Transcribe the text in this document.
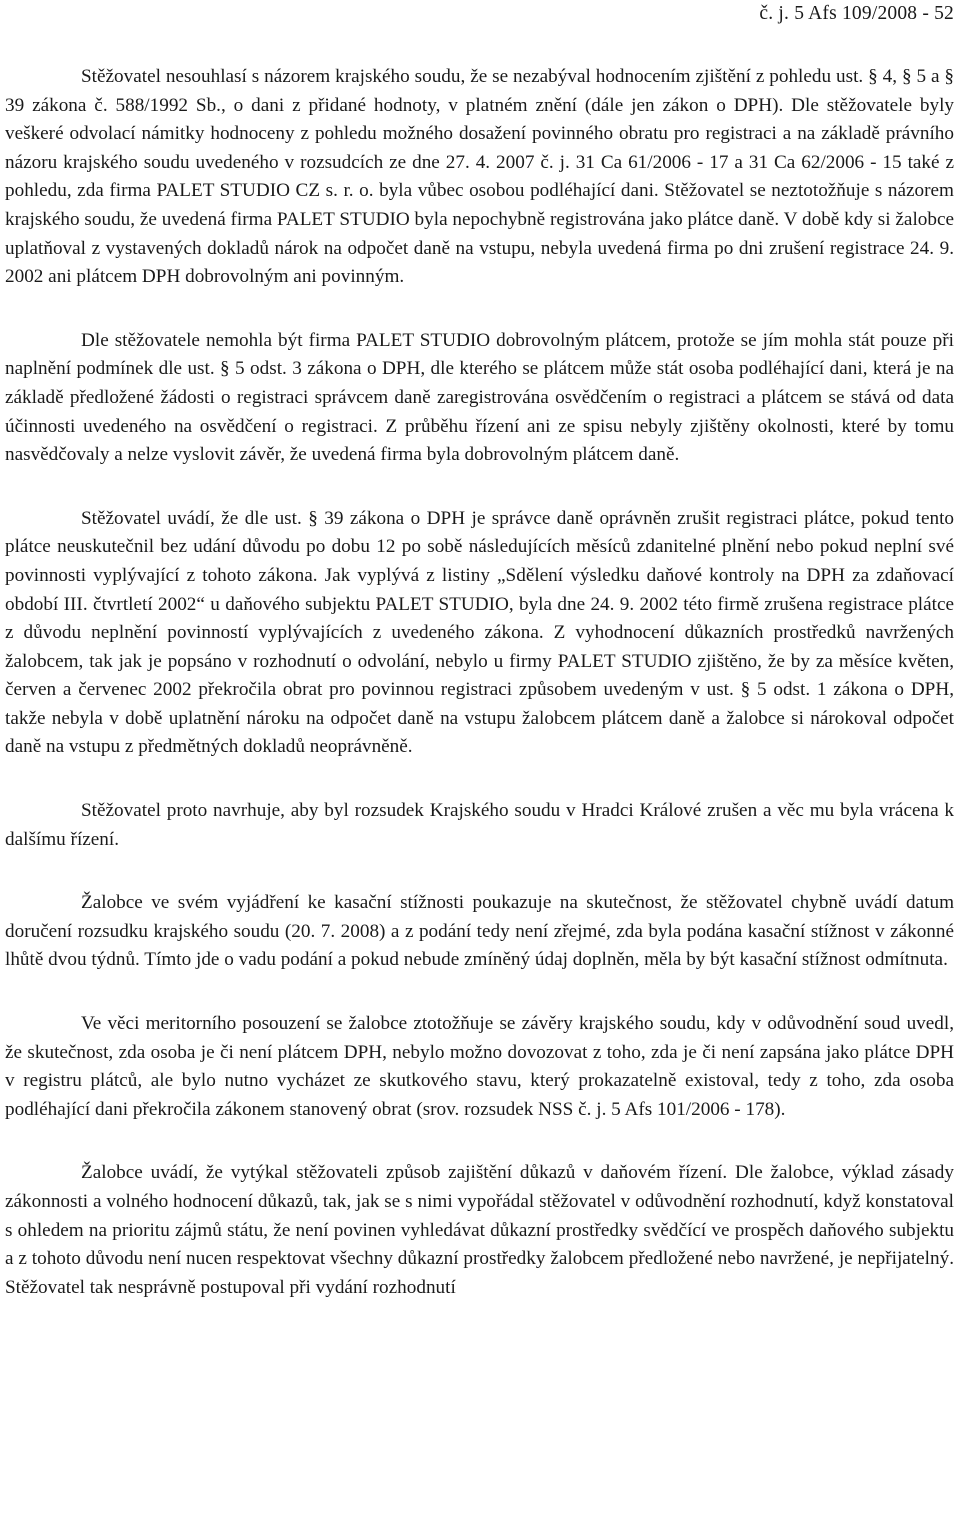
č. j. 5 Afs 109/2008 - 52

Stěžovatel nesouhlasí s názorem krajského soudu, že se nezabýval hodnocením zjištění z pohledu ust. § 4, § 5 a § 39 zákona č. 588/1992 Sb., o dani z přidané hodnoty, v platném znění (dále jen zákon o DPH). Dle stěžovatele byly veškeré odvolací námitky hodnoceny z pohledu možného dosažení povinného obratu pro registraci a na základě právního názoru krajského soudu uvedeného v rozsudcích ze dne 27. 4. 2007 č. j. 31 Ca 61/2006 - 17 a 31 Ca 62/2006 - 15 také z pohledu, zda firma PALET STUDIO CZ s. r. o. byla vůbec osobou podléhající dani. Stěžovatel se neztotožňuje s názorem krajského soudu, že uvedená firma PALET STUDIO byla nepochybně registrována jako plátce daně. V době kdy si žalobce uplatňoval z vystavených dokladů nárok na odpočet daně na vstupu, nebyla uvedená firma po dni zrušení registrace 24. 9. 2002 ani plátcem DPH dobrovolným ani povinným.

Dle stěžovatele nemohla být firma PALET STUDIO dobrovolným plátcem, protože se jím mohla stát pouze při naplnění podmínek dle ust. § 5 odst. 3 zákona o DPH, dle kterého se plátcem může stát osoba podléhající dani, která je na základě předložené žádosti o registraci správcem daně zaregistrována osvědčením o registraci a plátcem se stává od data účinnosti uvedeného na osvědčení o registraci. Z průběhu řízení ani ze spisu nebyly zjištěny okolnosti, které by tomu nasvědčovaly a nelze vyslovit závěr, že uvedená firma byla dobrovolným plátcem daně.

Stěžovatel uvádí, že dle ust. § 39 zákona o DPH je správce daně oprávněn zrušit registraci plátce, pokud tento plátce neuskutečnil bez udání důvodu po dobu 12 po sobě následujících měsíců zdanitelné plnění nebo pokud neplní své povinnosti vyplývající z tohoto zákona. Jak vyplývá z listiny „Sdělení výsledku daňové kontroly na DPH za zdaňovací období III. čtvrtletí 2002“ u daňového subjektu PALET STUDIO, byla dne 24. 9. 2002 této firmě zrušena registrace plátce z důvodu neplnění povinností vyplývajících z uvedeného zákona. Z vyhodnocení důkazních prostředků navržených žalobcem, tak jak je popsáno v rozhodnutí o odvolání, nebylo u firmy PALET STUDIO zjištěno, že by za měsíce květen, červen a červenec 2002 překročila obrat pro povinnou registraci způsobem uvedeným v ust. § 5 odst. 1 zákona o DPH, takže nebyla v době uplatnění nároku na odpočet daně na vstupu žalobcem plátcem daně a žalobce si nárokoval odpočet daně na vstupu z předmětných dokladů neoprávněně.

Stěžovatel proto navrhuje, aby byl rozsudek Krajského soudu v Hradci Králové zrušen a věc mu byla vrácena k dalšímu řízení.

Žalobce ve svém vyjádření ke kasační stížnosti poukazuje na skutečnost, že stěžovatel chybně uvádí datum doručení rozsudku krajského soudu (20. 7. 2008) a z podání tedy není zřejmé, zda byla podána kasační stížnost v zákonné lhůtě dvou týdnů. Tímto jde o vadu podání a pokud nebude zmíněný údaj doplněn, měla by být kasační stížnost odmítnuta.

Ve věci meritorního posouzení se žalobce ztotožňuje se závěry krajského soudu, kdy v odůvodnění soud uvedl, že skutečnost, zda osoba je či není plátcem DPH, nebylo možno dovozovat z toho, zda je či není zapsána jako plátce DPH v registru plátců, ale bylo nutno vycházet ze skutkového stavu, který prokazatelně existoval, tedy z toho, zda osoba podléhající dani překročila zákonem stanovený obrat (srov. rozsudek NSS č. j. 5 Afs 101/2006 - 178).

Žalobce uvádí, že vytýkal stěžovateli způsob zajištění důkazů v daňovém řízení. Dle žalobce, výklad zásady zákonnosti a volného hodnocení důkazů, tak, jak se s nimi vypořádal stěžovatel v odůvodnění rozhodnutí, když konstatoval s ohledem na prioritu zájmů státu, že není povinen vyhledávat důkazní prostředky svědčící ve prospěch daňového subjektu a z tohoto důvodu není nucen respektovat všechny důkazní prostředky žalobcem předložené nebo navržené, je nepřijatelný. Stěžovatel tak nesprávně postupoval při vydání rozhodnutí
